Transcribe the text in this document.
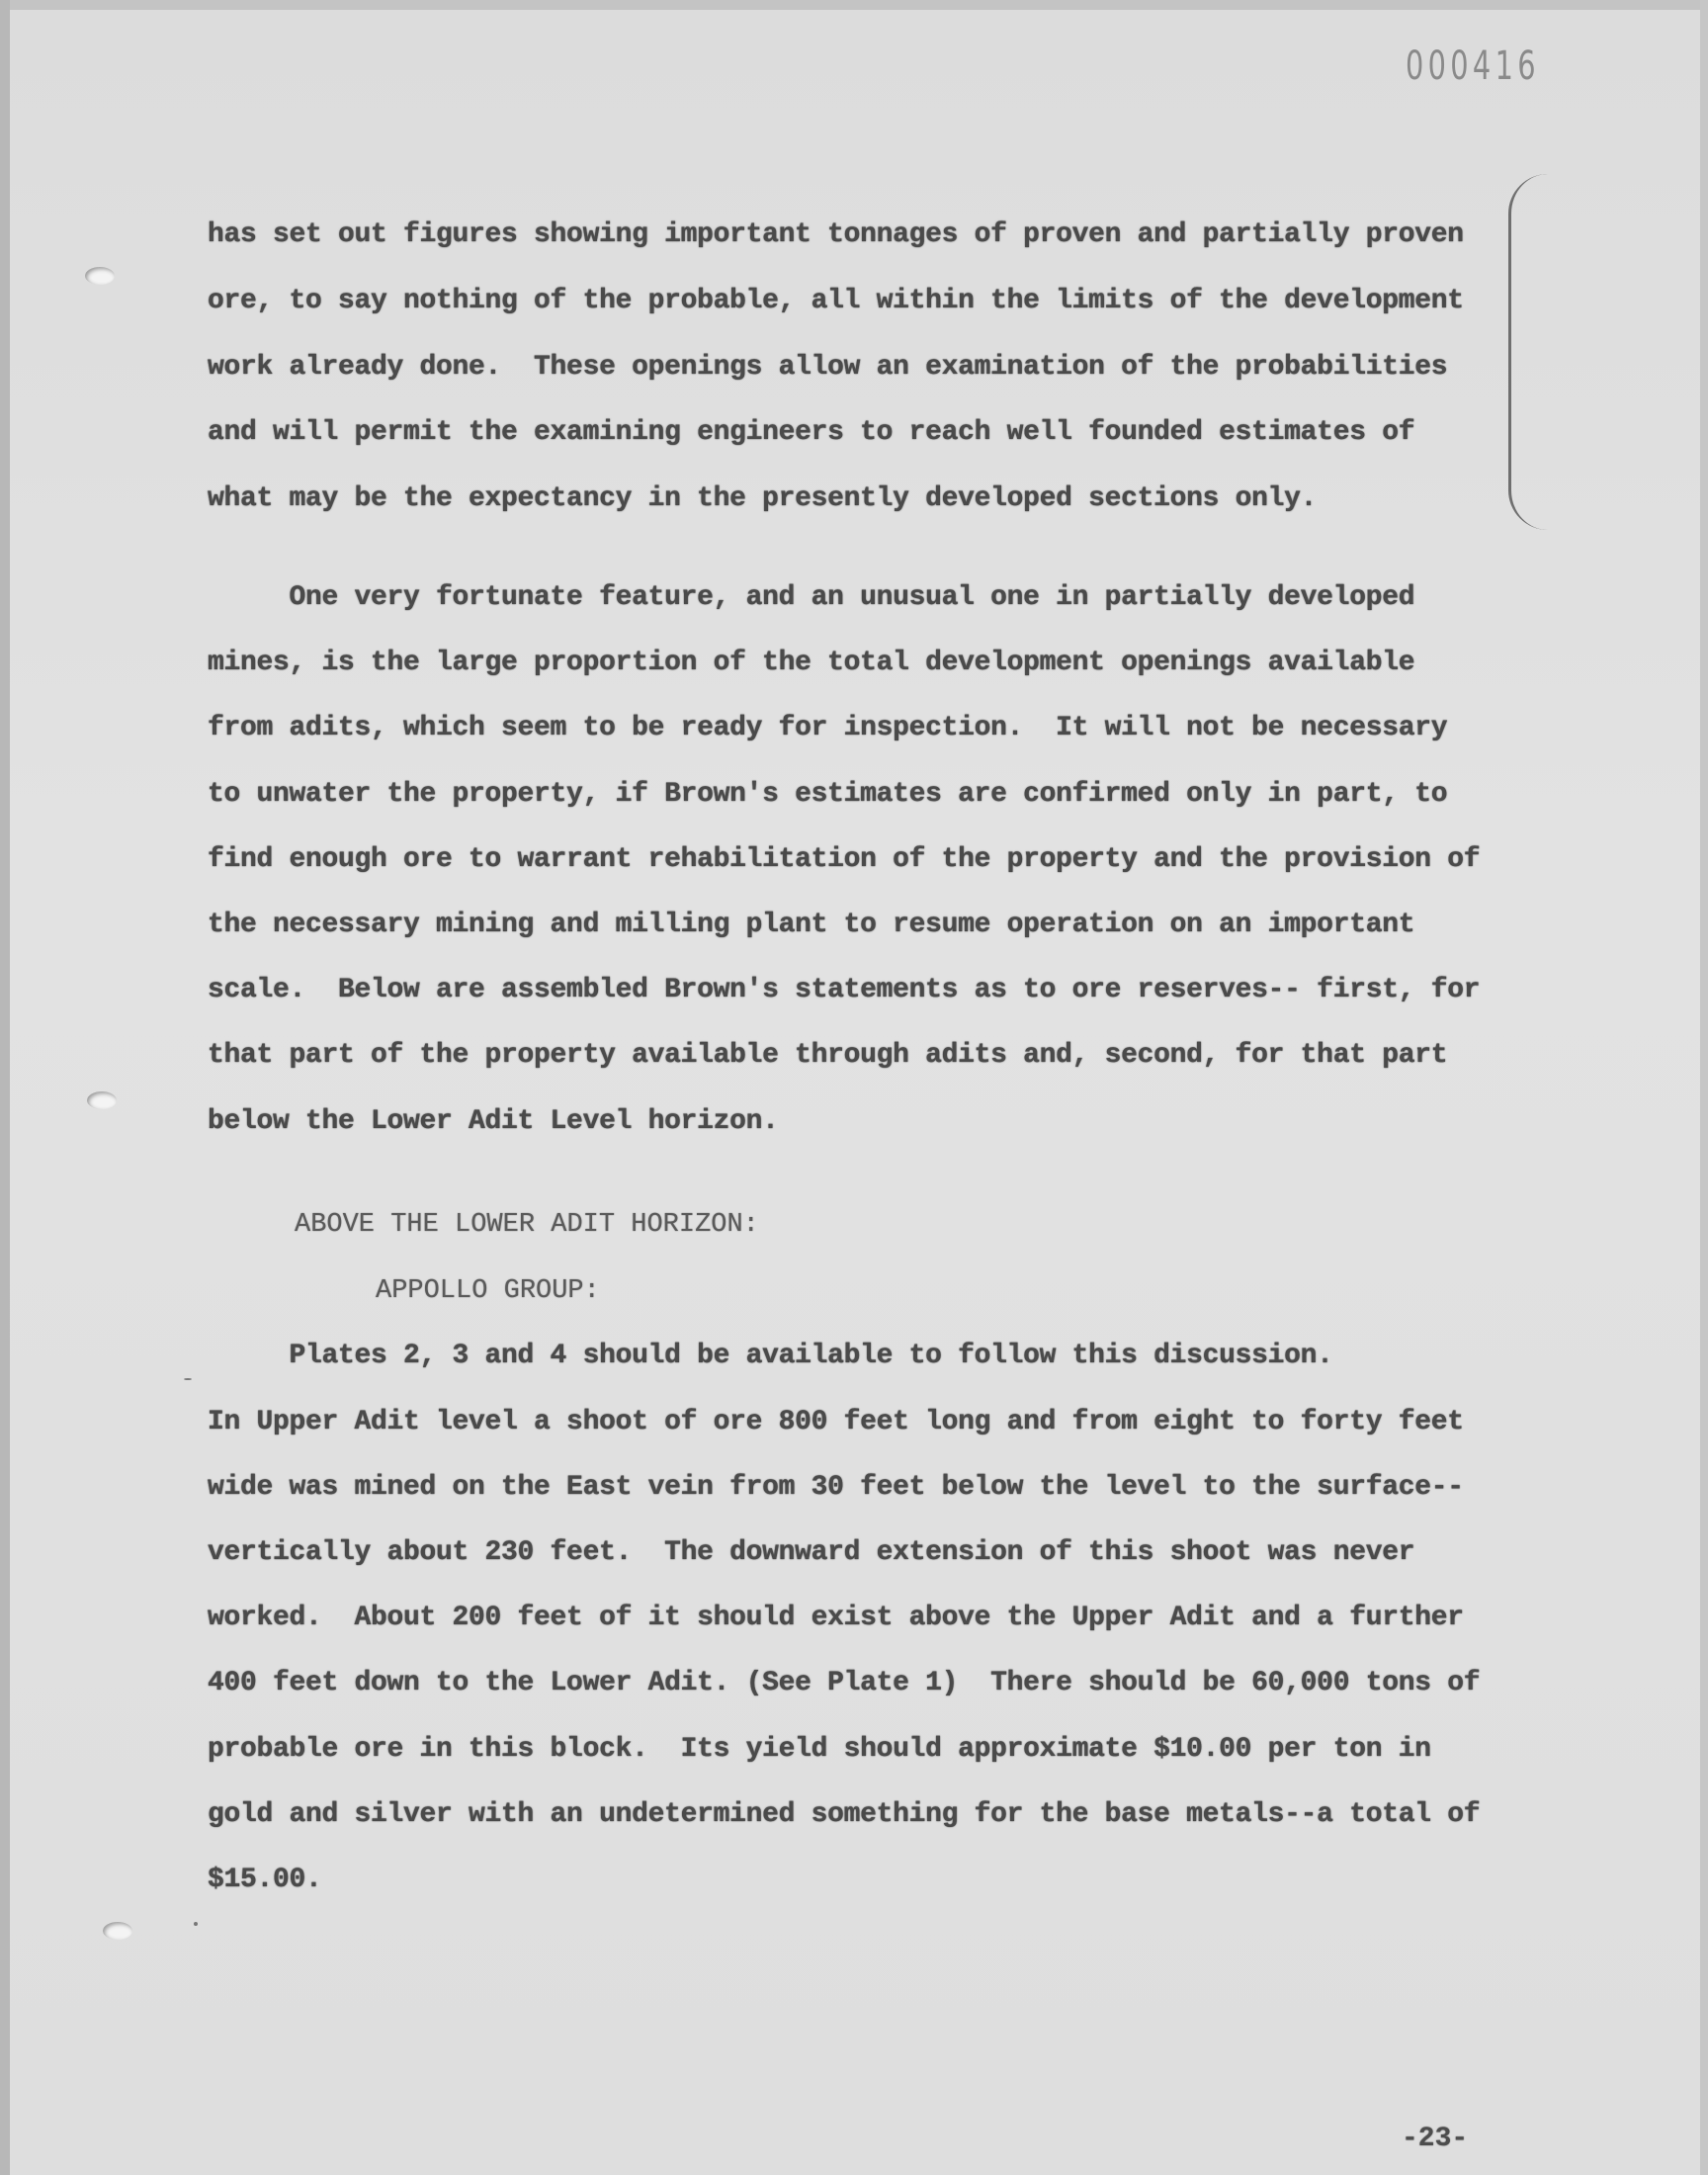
000416
has set out figures showing important tonnages of proven and partially proven
ore, to say nothing of the probable, all within the limits of the development
work already done.  These openings allow an examination of the probabilities
and will permit the examining engineers to reach well founded estimates of
what may be the expectancy in the presently developed sections only.
One very fortunate feature, and an unusual one in partially developed
mines, is the large proportion of the total development openings available
from adits, which seem to be ready for inspection.  It will not be necessary
to unwater the property, if Brown's estimates are confirmed only in part, to
find enough ore to warrant rehabilitation of the property and the provision of
the necessary mining and milling plant to resume operation on an important
scale.  Below are assembled Brown's statements as to ore reserves-- first, for
that part of the property available through adits and, second, for that part
below the Lower Adit Level horizon.
ABOVE THE LOWER ADIT HORIZON:
APPOLLO GROUP:
Plates 2, 3 and 4 should be available to follow this discussion.
In Upper Adit level a shoot of ore 800 feet long and from eight to forty feet
wide was mined on the East vein from 30 feet below the level to the surface--
vertically about 230 feet.  The downward extension of this shoot was never
worked.  About 200 feet of it should exist above the Upper Adit and a further
400 feet down to the Lower Adit. (See Plate 1)  There should be 60,000 tons of
probable ore in this block.  Its yield should approximate $10.00 per ton in
gold and silver with an undetermined something for the base metals--a total of
$15.00.
-23-
